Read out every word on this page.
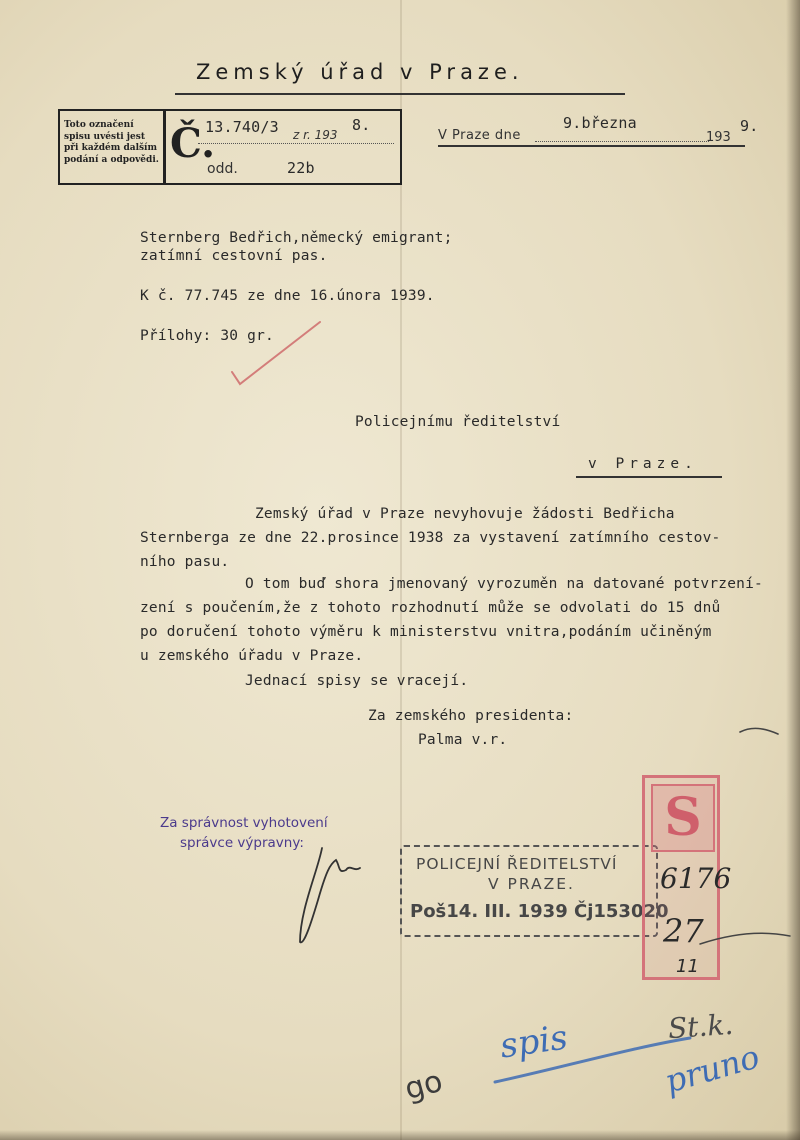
Zemský úřad v Praze.
Toto označení spisu uvésti jest při každém dalším podání a odpovědi. Č.
13.740/3 z r. 193
8.
odd.	22b
V Praze dne
9.března
193
9.
Sternberg Bedřich,německý emigrant;
zatímní cestovní pas.
K č. 77.745 ze dne 16.února 1939.
Přílohy: 30 gr.
Policejnímu ředitelství
v Praze.
Zemský úřad v Praze nevyhovuje žádosti Bedřicha
Sternberga ze dne 22.prosince 1938 za vystavení zatímního cestov-
ního pasu.
O tom buď shora jmenovaný vyrozuměn na datované potvrzení-
zení s poučením,že z tohoto rozhodnutí může se odvolati do 15 dnů
po doručení tohoto výměru k ministerstvu vnitra,podáním učiněným
u zemského úřadu v Praze.
Jednací spisy se vracejí.
Za zemského presidenta:
Palma v.r.
Za správnost vyhotovení
správce výpravny:
POLICEJNÍ ŘEDITELSTVÍ
V PRAZE.
Poš14. III. 1939 Čj153020
S
6176
27
11
spis	St.k.
pruno
go
